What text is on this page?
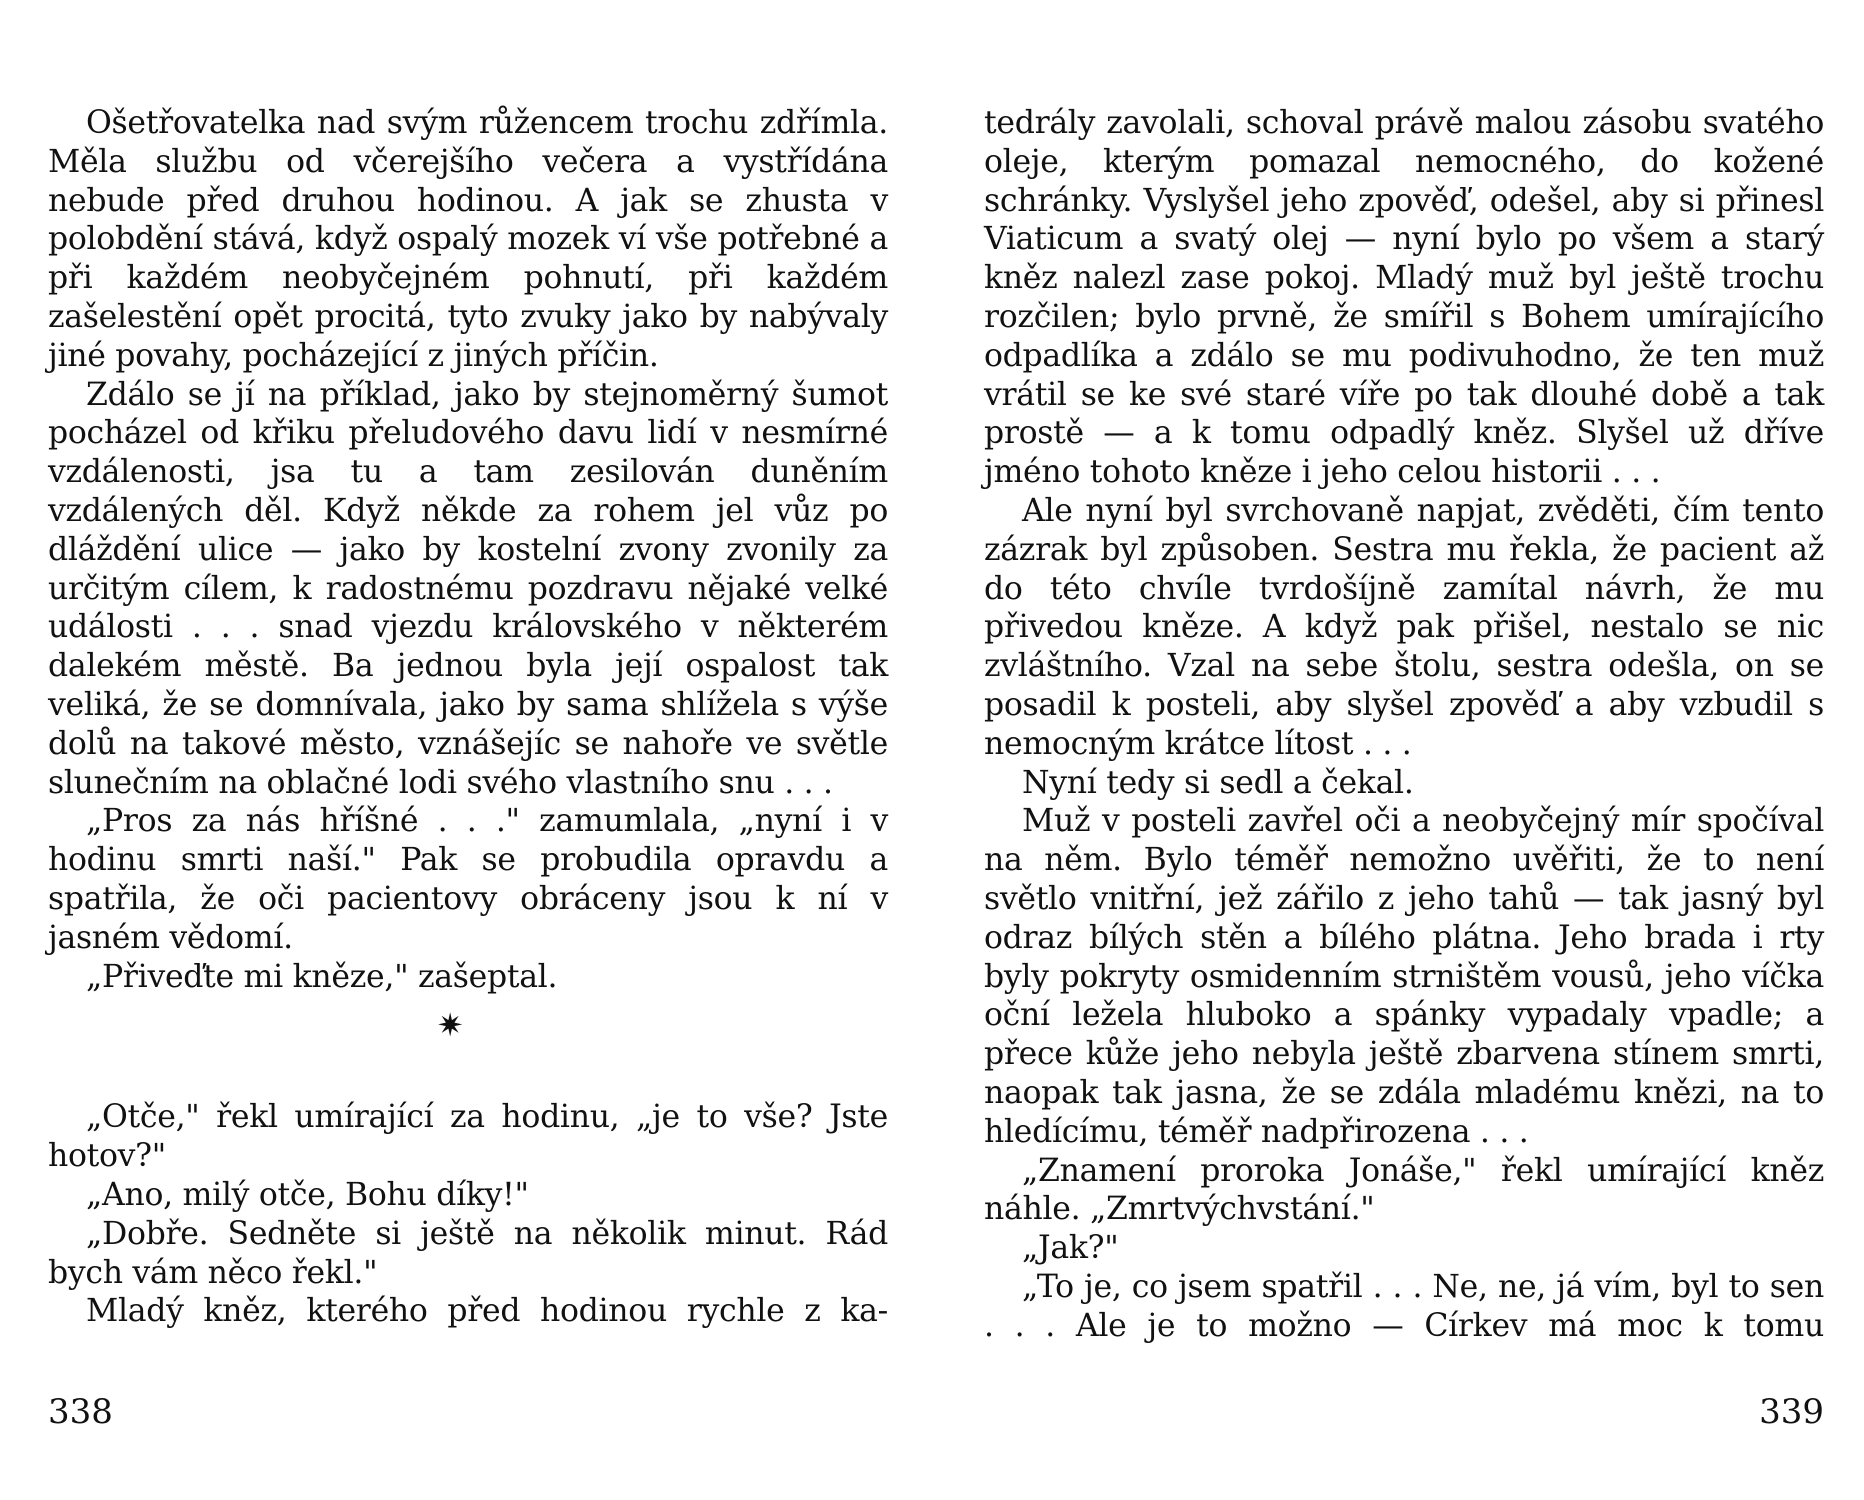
Ošetřovatelka nad svým růžencem trochu zdřímla. Měla službu od včerejšího večera a vystřídána nebude před druhou hodinou. A jak se zhusta v polobdění stává, když ospalý mozek ví vše potřebné a při každém neobyčejném pohnutí, při každém zašelestění opět procitá, tyto zvuky jako by nabývaly jiné povahy, pocházející z jiných příčin.

Zdálo se jí na příklad, jako by stejnoměrný šumot pocházel od křiku přeludového davu lidí v nesmírné vzdálenosti, jsa tu a tam zesilován duněním vzdálených děl. Když někde za rohem jel vůz po dláždění ulice — jako by kostelní zvony zvonily za určitým cílem, k radostnému pozdravu nějaké velké události . . . snad vjezdu královského v některém dalekém městě. Ba jednou byla její ospalost tak veliká, že se domnívala, jako by sama shlížela s výše dolů na takové město, vznášejíc se nahoře ve světle slunečním na oblačné lodi svého vlastního snu . . .

„Pros za nás hříšné . . ." zamumlala, „nyní i v hodinu smrti naší." Pak se probudila opravdu a spatřila, že oči pacientovy obráceny jsou k ní v jasném vědomí.

„Přiveďte mi kněze," zašeptal.

✷

„Otče," řekl umírající za hodinu, „je to vše? Jste hotov?"

„Ano, milý otče, Bohu díky!"

„Dobře. Sedněte si ještě na několik minut. Rád bych vám něco řekl."

Mladý kněz, kterého před hodinou rychle z ka-

338

tedrály zavolali, schoval právě malou zásobu svatého oleje, kterým pomazal nemocného, do kožené schránky. Vyslyšel jeho zpověď, odešel, aby si přinesl Viaticum a svatý olej — nyní bylo po všem a starý kněz nalezl zase pokoj. Mladý muž byl ještě trochu rozčilen; bylo prvně, že smířil s Bohem umírajícího odpadlíka a zdálo se mu podivuhodno, že ten muž vrátil se ke své staré víře po tak dlouhé době a tak prostě — a k tomu odpadlý kněz. Slyšel už dříve jméno tohoto kněze i jeho celou historii . . .

Ale nyní byl svrchovaně napjat, zvěděti, čím tento zázrak byl způsoben. Sestra mu řekla, že pacient až do této chvíle tvrdošíjně zamítal návrh, že mu přivedou kněze. A když pak přišel, nestalo se nic zvláštního. Vzal na sebe štolu, sestra odešla, on se posadil k posteli, aby slyšel zpověď a aby vzbudil s nemocným krátce lítost . . .

Nyní tedy si sedl a čekal.

Muž v posteli zavřel oči a neobyčejný mír spočíval na něm. Bylo téměř nemožno uvěřiti, že to není světlo vnitřní, jež zářilo z jeho tahů — tak jasný byl odraz bílých stěn a bílého plátna. Jeho brada i rty byly pokryty osmidenním strništěm vousů, jeho víčka oční ležela hluboko a spánky vypadaly vpadle; a přece kůže jeho nebyla ještě zbarvena stínem smrti, naopak tak jasna, že se zdála mladému knězi, na to hledícímu, téměř nadpřirozena . . .

„Znamení proroka Jonáše," řekl umírající kněz náhle. „Zmrtvýchvstání."

„Jak?"

„To je, co jsem spatřil . . . Ne, ne, já vím, byl to sen . . . Ale je to možno — Církev má moc k tomu

339
